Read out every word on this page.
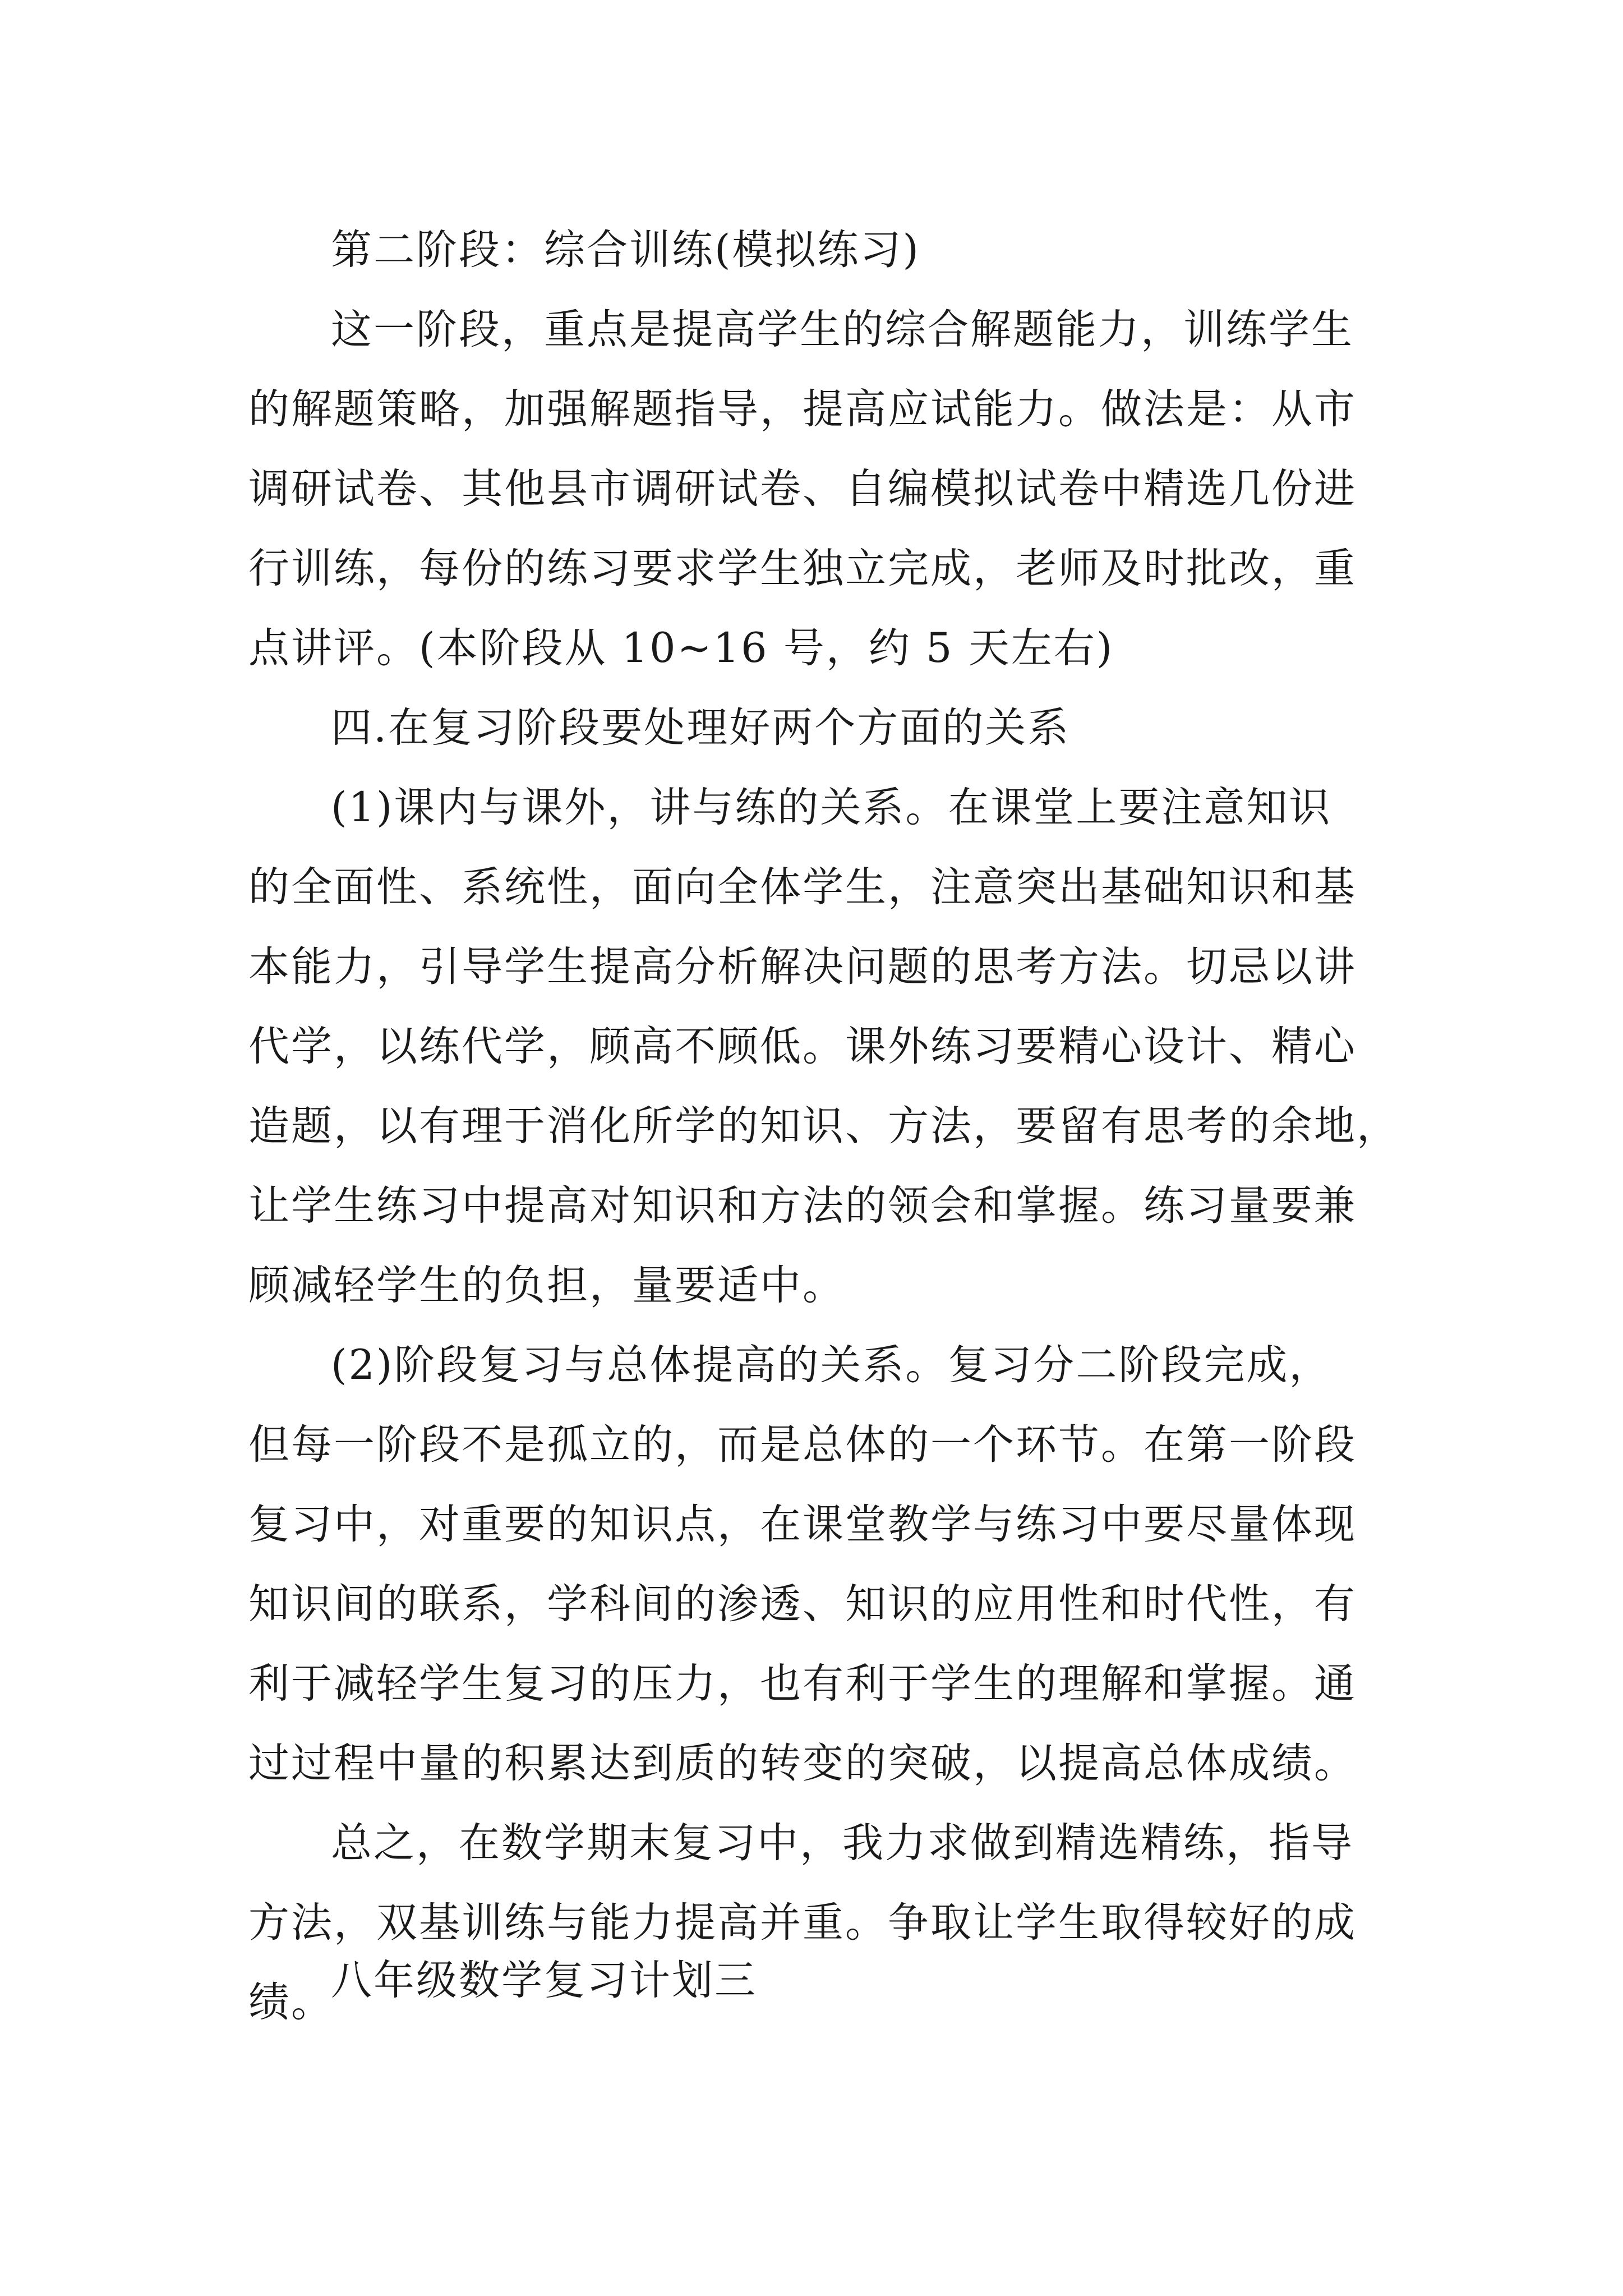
第二阶段：综合训练(模拟练习)
这一阶段，重点是提高学生的综合解题能力，训练学生
的解题策略，加强解题指导，提高应试能力。做法是：从市
调研试卷、其他县市调研试卷、自编模拟试卷中精选几份进
行训练，每份的练习要求学生独立完成，老师及时批改，重
点讲评。(本阶段从 10~16 号，约 5 天左右)
四.在复习阶段要处理好两个方面的关系
(1)课内与课外，讲与练的关系。在课堂上要注意知识
的全面性、系统性，面向全体学生，注意突出基础知识和基
本能力，引导学生提高分析解决问题的思考方法。切忌以讲
代学，以练代学，顾高不顾低。课外练习要精心设计、精心
造题，以有理于消化所学的知识、方法，要留有思考的余地，
让学生练习中提高对知识和方法的领会和掌握。练习量要兼
顾减轻学生的负担，量要适中。
(2)阶段复习与总体提高的关系。复习分二阶段完成，
但每一阶段不是孤立的，而是总体的一个环节。在第一阶段
复习中，对重要的知识点，在课堂教学与练习中要尽量体现
知识间的联系，学科间的渗透、知识的应用性和时代性，有
利于减轻学生复习的压力，也有利于学生的理解和掌握。通
过过程中量的积累达到质的转变的突破，以提高总体成绩。
总之，在数学期末复习中，我力求做到精选精练，指导
方法，双基训练与能力提高并重。争取让学生取得较好的成
绩。
八年级数学复习计划三
